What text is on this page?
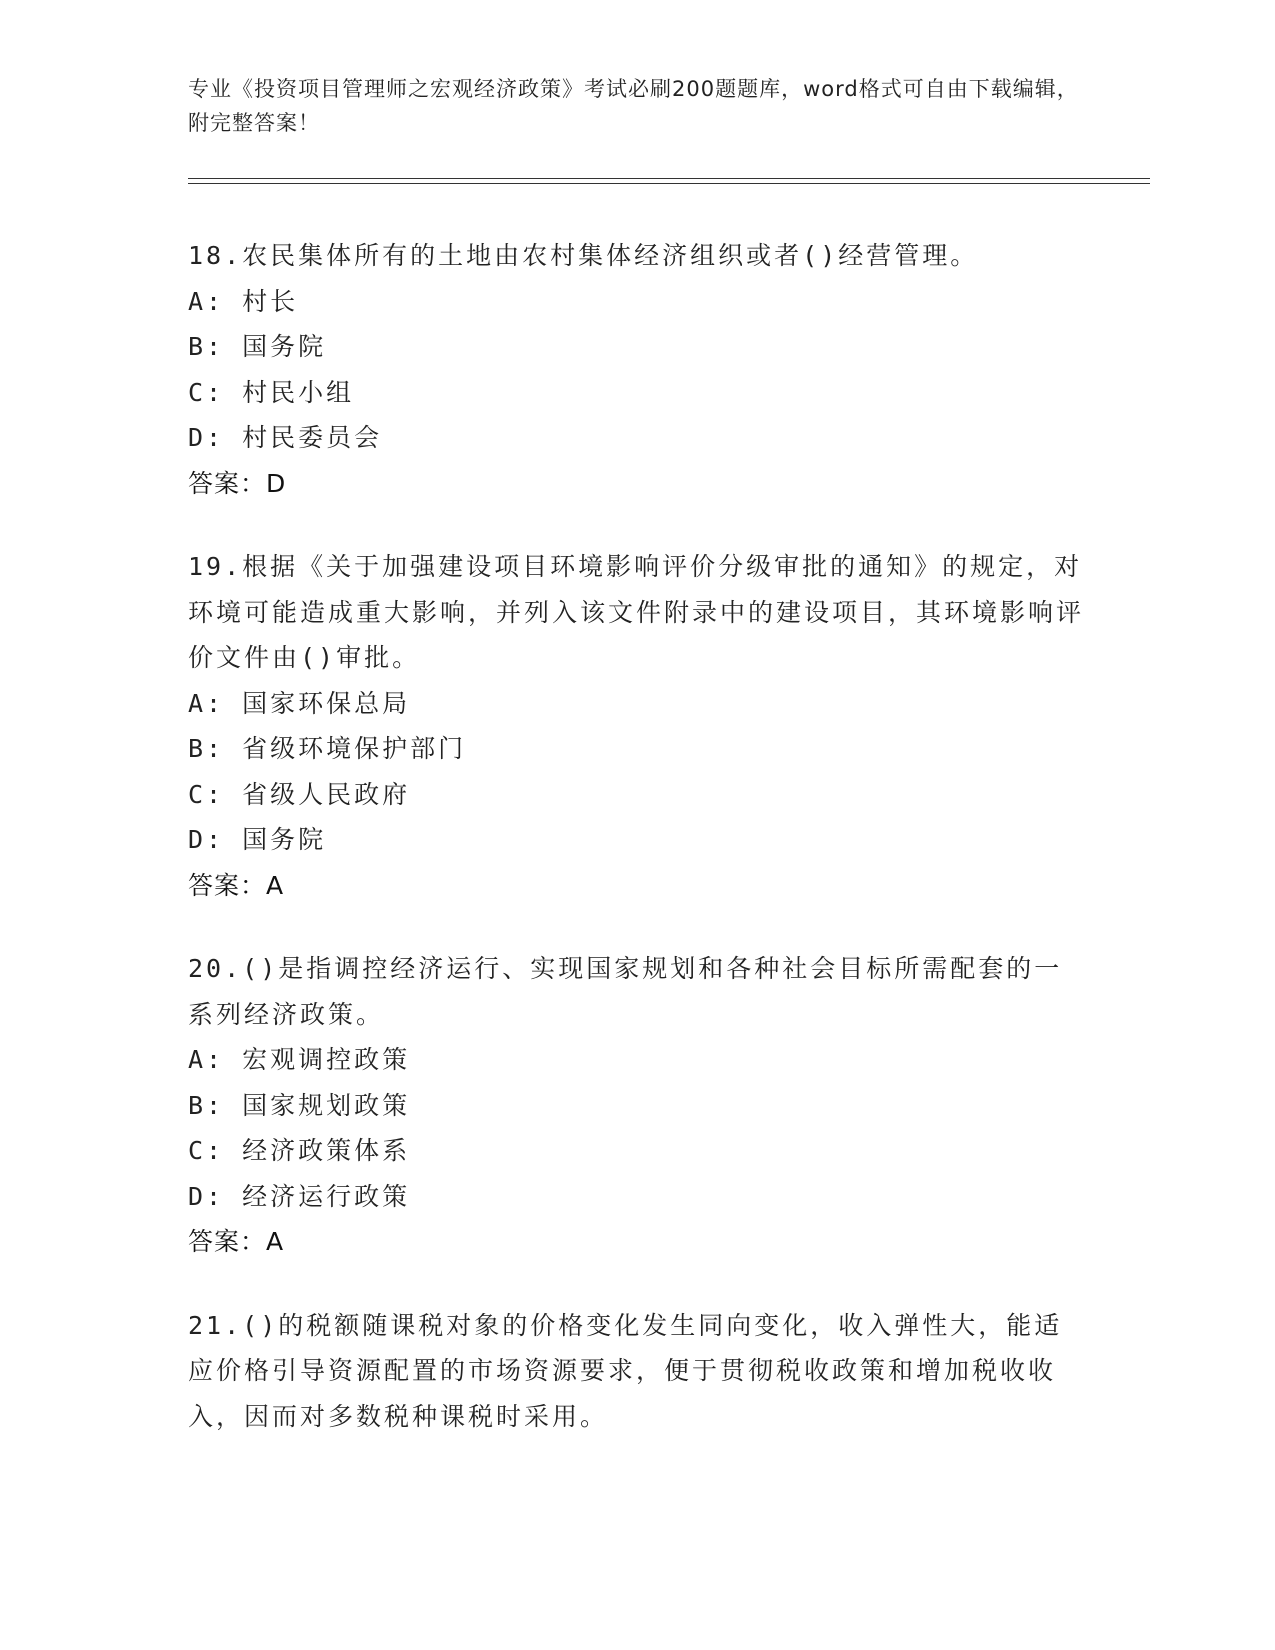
专业《投资项目管理师之宏观经济政策》考试必刷200题题库，word格式可自由下载编辑，附完整答案！
18.农民集体所有的土地由农村集体经济组织或者()经营管理。
A: 村长
B: 国务院
C: 村民小组
D: 村民委员会
答案：D
19.根据《关于加强建设项目环境影响评价分级审批的通知》的规定，对环境可能造成重大影响，并列入该文件附录中的建设项目，其环境影响评价文件由()审批。
A: 国家环保总局
B: 省级环境保护部门
C: 省级人民政府
D: 国务院
答案：A
20.()是指调控经济运行、实现国家规划和各种社会目标所需配套的一系列经济政策。
A: 宏观调控政策
B: 国家规划政策
C: 经济政策体系
D: 经济运行政策
答案：A
21.()的税额随课税对象的价格变化发生同向变化，收入弹性大，能适应价格引导资源配置的市场资源要求，便于贯彻税收政策和增加税收收入，因而对多数税种课税时采用。
